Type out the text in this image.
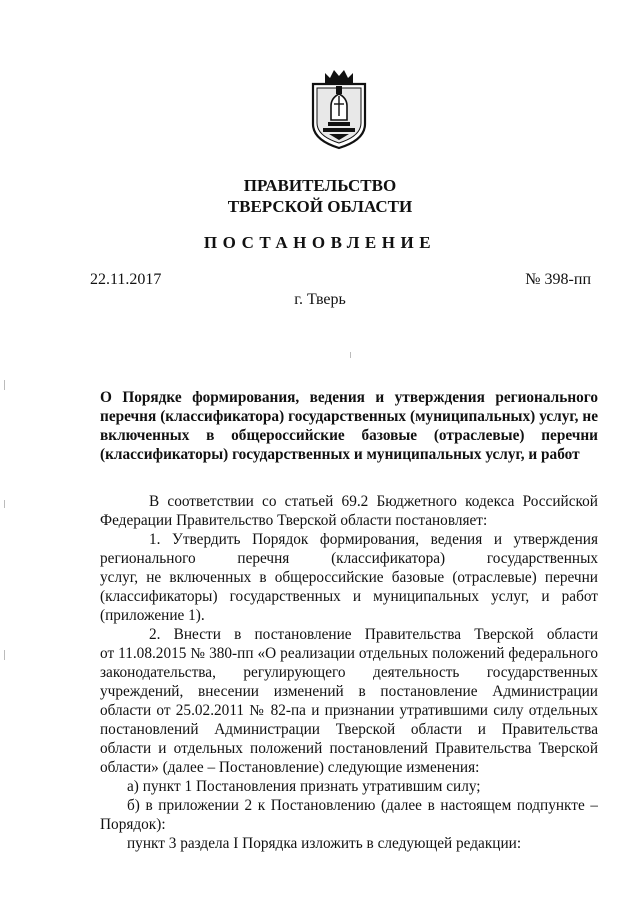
ПРАВИТЕЛЬСТВО
ТВЕРСКОЙ ОБЛАСТИ
ПОСТАНОВЛЕНИЕ
22.11.2017	№ 398-пп
г. Тверь
О Порядке формирования, ведения и утверждения регионального
перечня (классификатора) государственных (муниципальных) услуг, не
включенных в общероссийские базовые (отраслевые) перечни
(классификаторы) государственных и муниципальных услуг, и работ
В соответствии со статьей 69.2 Бюджетного кодекса Российской
Федерации Правительство Тверской области постановляет:
1. Утвердить Порядок формирования, ведения и утверждения
регионального перечня (классификатора) государственных
услуг, не включенных в общероссийские базовые (отраслевые) перечни
(классификаторы) государственных и муниципальных услуг, и работ
(приложение 1).
2. Внести в постановление Правительства Тверской области
от 11.08.2015 № 380-пп «О реализации отдельных положений федерального
законодательства, регулирующего деятельность государственных
учреждений, внесении изменений в постановление Администрации
области от 25.02.2011 № 82-па и признании утратившими силу отдельных
постановлений Администрации Тверской области и Правительства
области и отдельных положений постановлений Правительства Тверской
области» (далее – Постановление) следующие изменения:
а) пункт 1 Постановления признать утратившим силу;
б) в приложении 2 к Постановлению (далее в настоящем подпункте –
Порядок):
пункт 3 раздела I Порядка изложить в следующей редакции:
